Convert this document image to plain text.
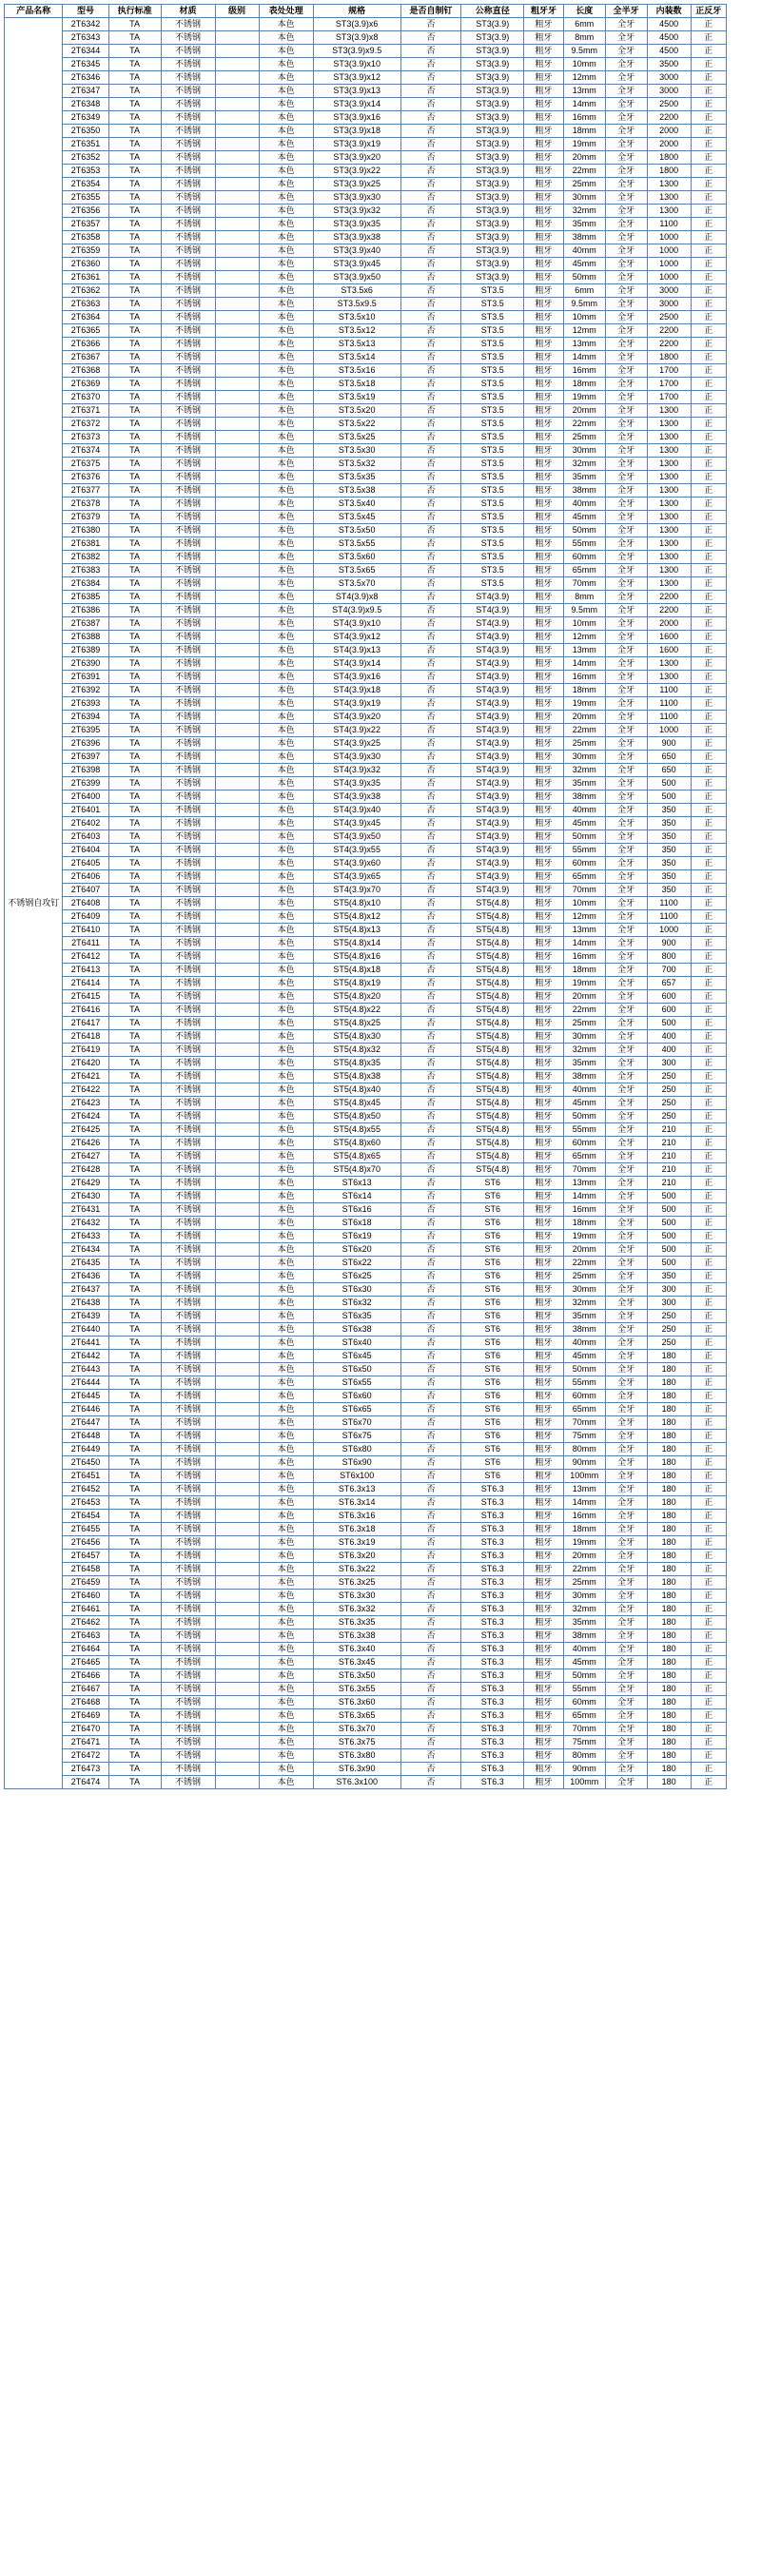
产品名称	型号	执行标准	材质	级别	表处处理	规格	是否自制钉	公称直径	粗牙牙	长度	全半牙	内装数	正反牙
不锈钢自攻钉	2T6342	TA	不锈钢		本色	ST3(3.9)x6	否	ST3(3.9)	粗牙	6mm	全牙	4500	正
	2T6343	TA	不锈钢		本色	ST3(3.9)x8	否	ST3(3.9)	粗牙	8mm	全牙	4500	正
	2T6344	TA	不锈钢		本色	ST3(3.9)x9.5	否	ST3(3.9)	粗牙	9.5mm	全牙	4500	正
	2T6345	TA	不锈钢		本色	ST3(3.9)x10	否	ST3(3.9)	粗牙	10mm	全牙	3500	正
	2T6346	TA	不锈钢		本色	ST3(3.9)x12	否	ST3(3.9)	粗牙	12mm	全牙	3000	正
	2T6347	TA	不锈钢		本色	ST3(3.9)x13	否	ST3(3.9)	粗牙	13mm	全牙	3000	正
	2T6348	TA	不锈钢		本色	ST3(3.9)x14	否	ST3(3.9)	粗牙	14mm	全牙	2500	正
	2T6349	TA	不锈钢		本色	ST3(3.9)x16	否	ST3(3.9)	粗牙	16mm	全牙	2200	正
	2T6350	TA	不锈钢		本色	ST3(3.9)x18	否	ST3(3.9)	粗牙	18mm	全牙	2000	正
	2T6351	TA	不锈钢		本色	ST3(3.9)x19	否	ST3(3.9)	粗牙	19mm	全牙	2000	正
	2T6352	TA	不锈钢		本色	ST3(3.9)x20	否	ST3(3.9)	粗牙	20mm	全牙	1800	正
	2T6353	TA	不锈钢		本色	ST3(3.9)x22	否	ST3(3.9)	粗牙	22mm	全牙	1800	正
	2T6354	TA	不锈钢		本色	ST3(3.9)x25	否	ST3(3.9)	粗牙	25mm	全牙	1300	正
	2T6355	TA	不锈钢		本色	ST3(3.9)x30	否	ST3(3.9)	粗牙	30mm	全牙	1300	正
	2T6356	TA	不锈钢		本色	ST3(3.9)x32	否	ST3(3.9)	粗牙	32mm	全牙	1300	正
	2T6357	TA	不锈钢		本色	ST3(3.9)x35	否	ST3(3.9)	粗牙	35mm	全牙	1100	正
	2T6358	TA	不锈钢		本色	ST3(3.9)x38	否	ST3(3.9)	粗牙	38mm	全牙	1000	正
	2T6359	TA	不锈钢		本色	ST3(3.9)x40	否	ST3(3.9)	粗牙	40mm	全牙	1000	正
	2T6360	TA	不锈钢		本色	ST3(3.9)x45	否	ST3(3.9)	粗牙	45mm	全牙	1000	正
	2T6361	TA	不锈钢		本色	ST3(3.9)x50	否	ST3(3.9)	粗牙	50mm	全牙	1000	正
	2T6362	TA	不锈钢		本色	ST3.5x6	否	ST3.5	粗牙	6mm	全牙	3000	正
	2T6363	TA	不锈钢		本色	ST3.5x9.5	否	ST3.5	粗牙	9.5mm	全牙	3000	正
	2T6364	TA	不锈钢		本色	ST3.5x10	否	ST3.5	粗牙	10mm	全牙	2500	正
	2T6365	TA	不锈钢		本色	ST3.5x12	否	ST3.5	粗牙	12mm	全牙	2200	正
	2T6366	TA	不锈钢		本色	ST3.5x13	否	ST3.5	粗牙	13mm	全牙	2200	正
	2T6367	TA	不锈钢		本色	ST3.5x14	否	ST3.5	粗牙	14mm	全牙	1800	正
	2T6368	TA	不锈钢		本色	ST3.5x16	否	ST3.5	粗牙	16mm	全牙	1700	正
	2T6369	TA	不锈钢		本色	ST3.5x18	否	ST3.5	粗牙	18mm	全牙	1700	正
	2T6370	TA	不锈钢		本色	ST3.5x19	否	ST3.5	粗牙	19mm	全牙	1700	正
	2T6371	TA	不锈钢		本色	ST3.5x20	否	ST3.5	粗牙	20mm	全牙	1300	正
	2T6372	TA	不锈钢		本色	ST3.5x22	否	ST3.5	粗牙	22mm	全牙	1300	正
	2T6373	TA	不锈钢		本色	ST3.5x25	否	ST3.5	粗牙	25mm	全牙	1300	正
	2T6374	TA	不锈钢		本色	ST3.5x30	否	ST3.5	粗牙	30mm	全牙	1300	正
	2T6375	TA	不锈钢		本色	ST3.5x32	否	ST3.5	粗牙	32mm	全牙	1300	正
	2T6376	TA	不锈钢		本色	ST3.5x35	否	ST3.5	粗牙	35mm	全牙	1300	正
	2T6377	TA	不锈钢		本色	ST3.5x38	否	ST3.5	粗牙	38mm	全牙	1300	正
	2T6378	TA	不锈钢		本色	ST3.5x40	否	ST3.5	粗牙	40mm	全牙	1300	正
	2T6379	TA	不锈钢		本色	ST3.5x45	否	ST3.5	粗牙	45mm	全牙	1300	正
	2T6380	TA	不锈钢		本色	ST3.5x50	否	ST3.5	粗牙	50mm	全牙	1300	正
	2T6381	TA	不锈钢		本色	ST3.5x55	否	ST3.5	粗牙	55mm	全牙	1300	正
	2T6382	TA	不锈钢		本色	ST3.5x60	否	ST3.5	粗牙	60mm	全牙	1300	正
	2T6383	TA	不锈钢		本色	ST3.5x65	否	ST3.5	粗牙	65mm	全牙	1300	正
	2T6384	TA	不锈钢		本色	ST3.5x70	否	ST3.5	粗牙	70mm	全牙	1300	正
	2T6385	TA	不锈钢		本色	ST4(3.9)x8	否	ST4(3.9)	粗牙	8mm	全牙	2200	正
	2T6386	TA	不锈钢		本色	ST4(3.9)x9.5	否	ST4(3.9)	粗牙	9.5mm	全牙	2200	正
	2T6387	TA	不锈钢		本色	ST4(3.9)x10	否	ST4(3.9)	粗牙	10mm	全牙	2000	正
	2T6388	TA	不锈钢		本色	ST4(3.9)x12	否	ST4(3.9)	粗牙	12mm	全牙	1600	正
	2T6389	TA	不锈钢		本色	ST4(3.9)x13	否	ST4(3.9)	粗牙	13mm	全牙	1600	正
	2T6390	TA	不锈钢		本色	ST4(3.9)x14	否	ST4(3.9)	粗牙	14mm	全牙	1300	正
	2T6391	TA	不锈钢		本色	ST4(3.9)x16	否	ST4(3.9)	粗牙	16mm	全牙	1300	正
	2T6392	TA	不锈钢		本色	ST4(3.9)x18	否	ST4(3.9)	粗牙	18mm	全牙	1100	正
	2T6393	TA	不锈钢		本色	ST4(3.9)x19	否	ST4(3.9)	粗牙	19mm	全牙	1100	正
	2T6394	TA	不锈钢		本色	ST4(3.9)x20	否	ST4(3.9)	粗牙	20mm	全牙	1100	正
	2T6395	TA	不锈钢		本色	ST4(3.9)x22	否	ST4(3.9)	粗牙	22mm	全牙	1000	正
	2T6396	TA	不锈钢		本色	ST4(3.9)x25	否	ST4(3.9)	粗牙	25mm	全牙	900	正
	2T6397	TA	不锈钢		本色	ST4(3.9)x30	否	ST4(3.9)	粗牙	30mm	全牙	650	正
	2T6398	TA	不锈钢		本色	ST4(3.9)x32	否	ST4(3.9)	粗牙	32mm	全牙	650	正
	2T6399	TA	不锈钢		本色	ST4(3.9)x35	否	ST4(3.9)	粗牙	35mm	全牙	500	正
	2T6400	TA	不锈钢		本色	ST4(3.9)x38	否	ST4(3.9)	粗牙	38mm	全牙	500	正
	2T6401	TA	不锈钢		本色	ST4(3.9)x40	否	ST4(3.9)	粗牙	40mm	全牙	350	正
	2T6402	TA	不锈钢		本色	ST4(3.9)x45	否	ST4(3.9)	粗牙	45mm	全牙	350	正
	2T6403	TA	不锈钢		本色	ST4(3.9)x50	否	ST4(3.9)	粗牙	50mm	全牙	350	正
	2T6404	TA	不锈钢		本色	ST4(3.9)x55	否	ST4(3.9)	粗牙	55mm	全牙	350	正
	2T6405	TA	不锈钢		本色	ST4(3.9)x60	否	ST4(3.9)	粗牙	60mm	全牙	350	正
	2T6406	TA	不锈钢		本色	ST4(3.9)x65	否	ST4(3.9)	粗牙	65mm	全牙	350	正
	2T6407	TA	不锈钢		本色	ST4(3.9)x70	否	ST4(3.9)	粗牙	70mm	全牙	350	正
	2T6408	TA	不锈钢		本色	ST5(4.8)x10	否	ST5(4.8)	粗牙	10mm	全牙	1100	正
	2T6409	TA	不锈钢		本色	ST5(4.8)x12	否	ST5(4.8)	粗牙	12mm	全牙	1100	正
	2T6410	TA	不锈钢		本色	ST5(4.8)x13	否	ST5(4.8)	粗牙	13mm	全牙	1000	正
	2T6411	TA	不锈钢		本色	ST5(4.8)x14	否	ST5(4.8)	粗牙	14mm	全牙	900	正
	2T6412	TA	不锈钢		本色	ST5(4.8)x16	否	ST5(4.8)	粗牙	16mm	全牙	800	正
	2T6413	TA	不锈钢		本色	ST5(4.8)x18	否	ST5(4.8)	粗牙	18mm	全牙	700	正
	2T6414	TA	不锈钢		本色	ST5(4.8)x19	否	ST5(4.8)	粗牙	19mm	全牙	657	正
	2T6415	TA	不锈钢		本色	ST5(4.8)x20	否	ST5(4.8)	粗牙	20mm	全牙	600	正
	2T6416	TA	不锈钢		本色	ST5(4.8)x22	否	ST5(4.8)	粗牙	22mm	全牙	600	正
	2T6417	TA	不锈钢		本色	ST5(4.8)x25	否	ST5(4.8)	粗牙	25mm	全牙	500	正
	2T6418	TA	不锈钢		本色	ST5(4.8)x30	否	ST5(4.8)	粗牙	30mm	全牙	400	正
	2T6419	TA	不锈钢		本色	ST5(4.8)x32	否	ST5(4.8)	粗牙	32mm	全牙	400	正
	2T6420	TA	不锈钢		本色	ST5(4.8)x35	否	ST5(4.8)	粗牙	35mm	全牙	300	正
	2T6421	TA	不锈钢		本色	ST5(4.8)x38	否	ST5(4.8)	粗牙	38mm	全牙	250	正
	2T6422	TA	不锈钢		本色	ST5(4.8)x40	否	ST5(4.8)	粗牙	40mm	全牙	250	正
	2T6423	TA	不锈钢		本色	ST5(4.8)x45	否	ST5(4.8)	粗牙	45mm	全牙	250	正
	2T6424	TA	不锈钢		本色	ST5(4.8)x50	否	ST5(4.8)	粗牙	50mm	全牙	250	正
	2T6425	TA	不锈钢		本色	ST5(4.8)x55	否	ST5(4.8)	粗牙	55mm	全牙	210	正
	2T6426	TA	不锈钢		本色	ST5(4.8)x60	否	ST5(4.8)	粗牙	60mm	全牙	210	正
	2T6427	TA	不锈钢		本色	ST5(4.8)x65	否	ST5(4.8)	粗牙	65mm	全牙	210	正
	2T6428	TA	不锈钢		本色	ST5(4.8)x70	否	ST5(4.8)	粗牙	70mm	全牙	210	正
	2T6429	TA	不锈钢		本色	ST6x13	否	ST6	粗牙	13mm	全牙	210	正
	2T6430	TA	不锈钢		本色	ST6x14	否	ST6	粗牙	14mm	全牙	500	正
	2T6431	TA	不锈钢		本色	ST6x16	否	ST6	粗牙	16mm	全牙	500	正
	2T6432	TA	不锈钢		本色	ST6x18	否	ST6	粗牙	18mm	全牙	500	正
	2T6433	TA	不锈钢		本色	ST6x19	否	ST6	粗牙	19mm	全牙	500	正
	2T6434	TA	不锈钢		本色	ST6x20	否	ST6	粗牙	20mm	全牙	500	正
	2T6435	TA	不锈钢		本色	ST6x22	否	ST6	粗牙	22mm	全牙	500	正
	2T6436	TA	不锈钢		本色	ST6x25	否	ST6	粗牙	25mm	全牙	350	正
	2T6437	TA	不锈钢		本色	ST6x30	否	ST6	粗牙	30mm	全牙	300	正
	2T6438	TA	不锈钢		本色	ST6x32	否	ST6	粗牙	32mm	全牙	300	正
	2T6439	TA	不锈钢		本色	ST6x35	否	ST6	粗牙	35mm	全牙	250	正
	2T6440	TA	不锈钢		本色	ST6x38	否	ST6	粗牙	38mm	全牙	250	正
	2T6441	TA	不锈钢		本色	ST6x40	否	ST6	粗牙	40mm	全牙	250	正
	2T6442	TA	不锈钢		本色	ST6x45	否	ST6	粗牙	45mm	全牙	180	正
	2T6443	TA	不锈钢		本色	ST6x50	否	ST6	粗牙	50mm	全牙	180	正
	2T6444	TA	不锈钢		本色	ST6x55	否	ST6	粗牙	55mm	全牙	180	正
	2T6445	TA	不锈钢		本色	ST6x60	否	ST6	粗牙	60mm	全牙	180	正
	2T6446	TA	不锈钢		本色	ST6x65	否	ST6	粗牙	65mm	全牙	180	正
	2T6447	TA	不锈钢		本色	ST6x70	否	ST6	粗牙	70mm	全牙	180	正
	2T6448	TA	不锈钢		本色	ST6x75	否	ST6	粗牙	75mm	全牙	180	正
	2T6449	TA	不锈钢		本色	ST6x80	否	ST6	粗牙	80mm	全牙	180	正
	2T6450	TA	不锈钢		本色	ST6x90	否	ST6	粗牙	90mm	全牙	180	正
	2T6451	TA	不锈钢		本色	ST6x100	否	ST6	粗牙	100mm	全牙	180	正
	2T6452	TA	不锈钢		本色	ST6.3x13	否	ST6.3	粗牙	13mm	全牙	180	正
	2T6453	TA	不锈钢		本色	ST6.3x14	否	ST6.3	粗牙	14mm	全牙	180	正
	2T6454	TA	不锈钢		本色	ST6.3x16	否	ST6.3	粗牙	16mm	全牙	180	正
	2T6455	TA	不锈钢		本色	ST6.3x18	否	ST6.3	粗牙	18mm	全牙	180	正
	2T6456	TA	不锈钢		本色	ST6.3x19	否	ST6.3	粗牙	19mm	全牙	180	正
	2T6457	TA	不锈钢		本色	ST6.3x20	否	ST6.3	粗牙	20mm	全牙	180	正
	2T6458	TA	不锈钢		本色	ST6.3x22	否	ST6.3	粗牙	22mm	全牙	180	正
	2T6459	TA	不锈钢		本色	ST6.3x25	否	ST6.3	粗牙	25mm	全牙	180	正
	2T6460	TA	不锈钢		本色	ST6.3x30	否	ST6.3	粗牙	30mm	全牙	180	正
	2T6461	TA	不锈钢		本色	ST6.3x32	否	ST6.3	粗牙	32mm	全牙	180	正
	2T6462	TA	不锈钢		本色	ST6.3x35	否	ST6.3	粗牙	35mm	全牙	180	正
	2T6463	TA	不锈钢		本色	ST6.3x38	否	ST6.3	粗牙	38mm	全牙	180	正
	2T6464	TA	不锈钢		本色	ST6.3x40	否	ST6.3	粗牙	40mm	全牙	180	正
	2T6465	TA	不锈钢		本色	ST6.3x45	否	ST6.3	粗牙	45mm	全牙	180	正
	2T6466	TA	不锈钢		本色	ST6.3x50	否	ST6.3	粗牙	50mm	全牙	180	正
	2T6467	TA	不锈钢		本色	ST6.3x55	否	ST6.3	粗牙	55mm	全牙	180	正
	2T6468	TA	不锈钢		本色	ST6.3x60	否	ST6.3	粗牙	60mm	全牙	180	正
	2T6469	TA	不锈钢		本色	ST6.3x65	否	ST6.3	粗牙	65mm	全牙	180	正
	2T6470	TA	不锈钢		本色	ST6.3x70	否	ST6.3	粗牙	70mm	全牙	180	正
	2T6471	TA	不锈钢		本色	ST6.3x75	否	ST6.3	粗牙	75mm	全牙	180	正
	2T6472	TA	不锈钢		本色	ST6.3x80	否	ST6.3	粗牙	80mm	全牙	180	正
	2T6473	TA	不锈钢		本色	ST6.3x90	否	ST6.3	粗牙	90mm	全牙	180	正
	2T6474	TA	不锈钢		本色	ST6.3x100	否	ST6.3	粗牙	100mm	全牙	180	正
